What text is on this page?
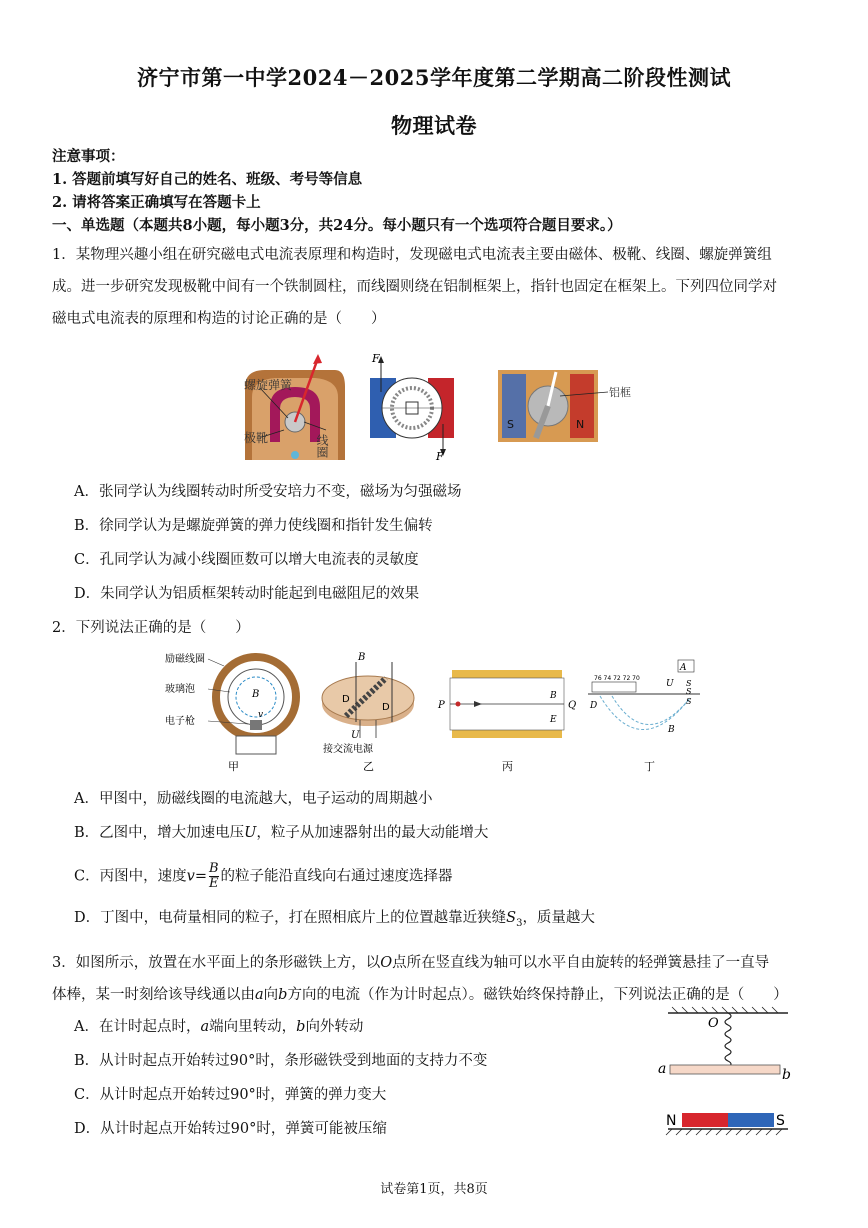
济宁市第一中学2024－2025学年度第二学期高二阶段性测试
物理试卷
注意事项：
1. 答题前填写好自己的姓名、班级、考号等信息
2. 请将答案正确填写在答题卡上
一、单选题（本题共8小题，每小题3分，共24分。每小题只有一个选项符合题目要求。）
1．某物理兴趣小组在研究磁电式电流表原理和构造时，发现磁电式电流表主要由磁体、极靴、线圈、螺旋弹簧组
成。进一步研究发现极靴中间有一个铁制圆柱，而线圈则绕在铝制框架上，指针也固定在框架上。下列四位同学对
磁电式电流表的原理和构造的讨论正确的是（　　）
螺旋弹簧
线圈
极靴
F
F
S	N
铝框
A．张同学认为线圈转动时所受安培力不变，磁场为匀强磁场
B．徐同学认为是螺旋弹簧的弹力使线圈和指针发生偏转
C．孔同学认为减小线圈匝数可以增大电流表的灵敏度
D．朱同学认为铝质框架转动时能起到电磁阻尼的效果
2．下列说法正确的是（　　）
励磁线圈
玻璃泡
电子枪
B
v
甲
B
D
D
U
接交流电源
乙
P	Q
B
E
丙
A
U S
S
S
D
B
76 74 72 72 70
丁
A．甲图中，励磁线圈的电流越大，电子运动的周期越小
B．乙图中，增大加速电压U，粒子从加速器射出的最大动能增大
C．丙图中，速度$v= \frac{B}{E}$ 的粒子能沿直线向右通过速度选择器
D．丁图中，电荷量相同的粒子，打在照相底片上的位置越靠近狭缝$S_3$，质量越大
3．如图所示，放置在水平面上的条形磁铁上方，以O点所在竖直线为轴可以水平自由旋转的轻弹簧悬挂了一直导
体棒，某一时刻给该导线通以由a向b方向的电流（作为计时起点）。磁铁始终保持静止，下列说法正确的是（　　）
A．在计时起点时，a端向里转动，b向外转动
B．从计时起点开始转过90°时，条形磁铁受到地面的支持力不变
C．从计时起点开始转过90°时，弹簧的弹力变大
D．从计时起点开始转过90°时，弹簧可能被压缩
O
a	b
N	S
试卷第1页，共8页
